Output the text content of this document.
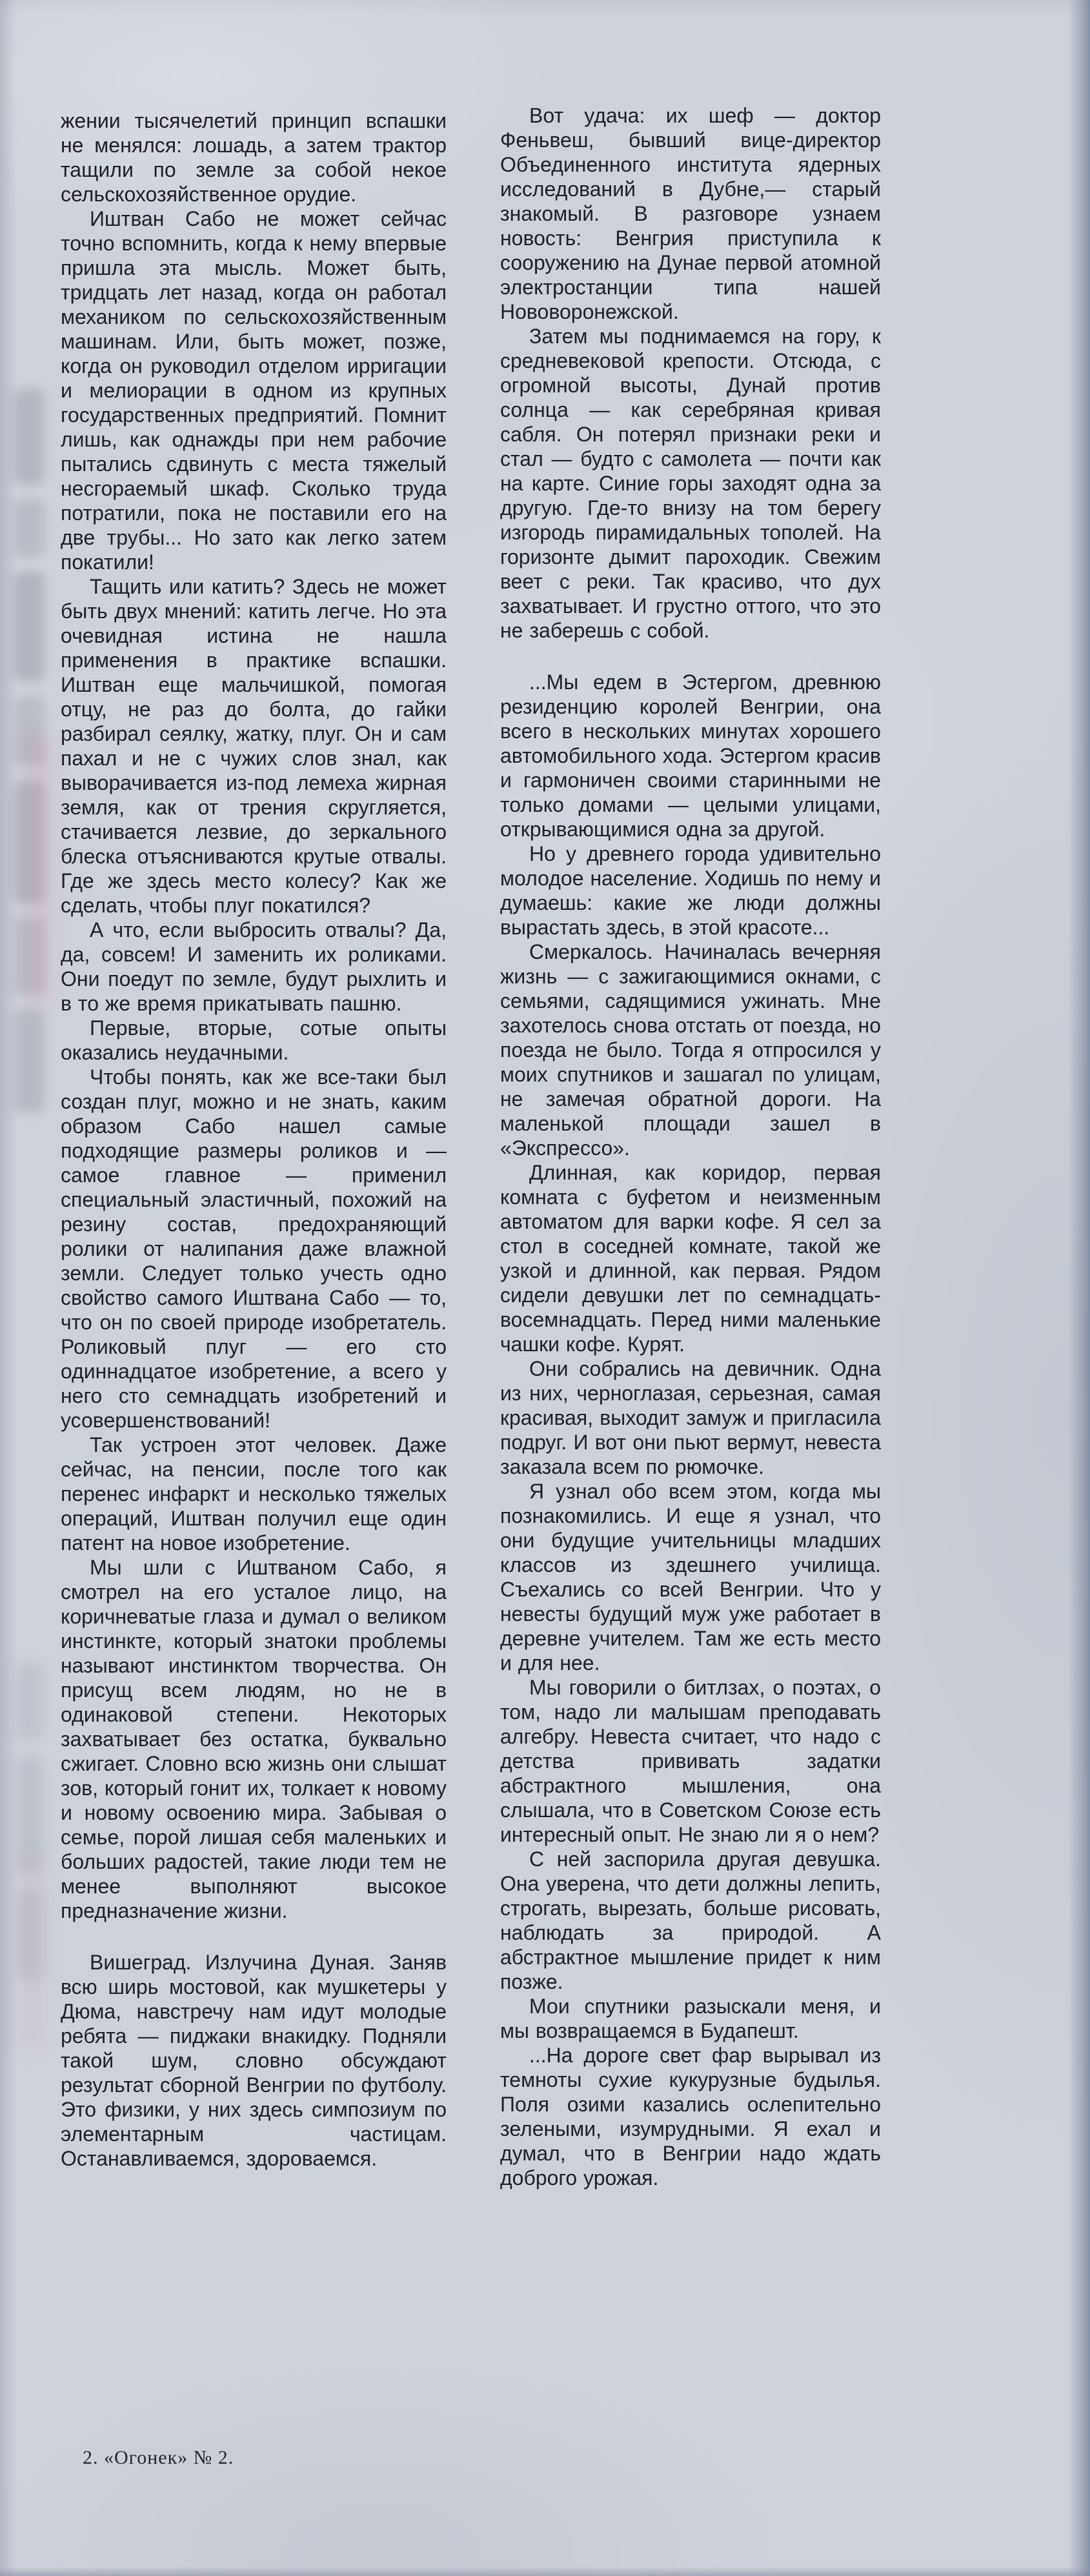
жении тысячелетий принцип вспашки не менялся: лошадь, а затем трактор тащили по земле за собой некое сельскохозяйственное орудие.

Иштван Сабо не может сейчас точно вспомнить, когда к нему впервые пришла эта мысль. Может быть, тридцать лет назад, когда он работал механиком по сельскохозяйственным машинам. Или, быть может, позже, когда он руководил отделом ирригации и мелиорации в одном из крупных государственных предприятий. Помнит лишь, как однажды при нем рабочие пытались сдвинуть с места тяжелый несгораемый шкаф. Сколько труда потратили, пока не поставили его на две трубы... Но зато как легко затем покатили!

Тащить или катить? Здесь не может быть двух мнений: катить легче. Но эта очевидная истина не нашла применения в практике вспашки. Иштван еще мальчишкой, помогая отцу, не раз до болта, до гайки разбирал сеялку, жатку, плуг. Он и сам пахал и не с чужих слов знал, как выворачивается из-под лемеха жирная земля, как от трения скругляется, стачивается лезвие, до зеркального блеска отъясниваются крутые отвалы. Где же здесь место колесу? Как же сделать, чтобы плуг покатился?

А что, если выбросить отвалы? Да, да, совсем! И заменить их роликами. Они поедут по земле, будут рыхлить и в то же время прикатывать пашню.

Первые, вторые, сотые опыты оказались неудачными.

Чтобы понять, как же все-таки был создан плуг, можно и не знать, каким образом Сабо нашел самые подходящие размеры роликов и — самое главное — применил специальный эластичный, похожий на резину состав, предохраняющий ролики от налипания даже влажной земли. Следует только учесть одно свойство самого Иштвана Сабо — то, что он по своей природе изобретатель. Роликовый плуг — его сто одиннадцатое изобретение, а всего у него сто семнадцать изобретений и усовершенствований!

Так устроен этот человек. Даже сейчас, на пенсии, после того как перенес инфаркт и несколько тяжелых операций, Иштван получил еще один патент на новое изобретение.

Мы шли с Иштваном Сабо, я смотрел на его усталое лицо, на коричневатые глаза и думал о великом инстинкте, который знатоки проблемы называют инстинктом творчества. Он присущ всем людям, но не в одинаковой степени. Некоторых захватывает без остатка, буквально сжигает. Словно всю жизнь они слышат зов, который гонит их, толкает к новому и новому освоению мира. Забывая о семье, порой лишая себя маленьких и больших радостей, такие люди тем не менее выполняют высокое предназначение жизни.

Вишеград. Излучина Дуная. Заняв всю ширь мостовой, как мушкетеры у Дюма, навстречу нам идут молодые ребята — пиджаки внакидку. Подняли такой шум, словно обсуждают результат сборной Венгрии по футболу. Это физики, у них здесь симпозиум по элементарным частицам. Останавливаемся, здороваемся.

Вот удача: их шеф — доктор Феньвеш, бывший вице-директор Объединенного института ядерных исследований в Дубне,— старый знакомый. В разговоре узнаем новость: Венгрия приступила к сооружению на Дунае первой атомной электростанции типа нашей Нововоронежской.

Затем мы поднимаемся на гору, к средневековой крепости. Отсюда, с огромной высоты, Дунай против солнца — как серебряная кривая сабля. Он потерял признаки реки и стал — будто с самолета — почти как на карте. Синие горы заходят одна за другую. Где-то внизу на том берегу изгородь пирамидальных тополей. На горизонте дымит пароходик. Свежим веет с реки. Так красиво, что дух захватывает. И грустно оттого, что это не заберешь с собой.

...Мы едем в Эстергом, древнюю резиденцию королей Венгрии, она всего в нескольких минутах хорошего автомобильного хода. Эстергом красив и гармоничен своими старинными не только домами — целыми улицами, открывающимися одна за другой.

Но у древнего города удивительно молодое население. Ходишь по нему и думаешь: какие же люди должны вырастать здесь, в этой красоте...

Смеркалось. Начиналась вечерняя жизнь — с зажигающимися окнами, с семьями, садящимися ужинать. Мне захотелось снова отстать от поезда, но поезда не было. Тогда я отпросился у моих спутников и зашагал по улицам, не замечая обратной дороги. На маленькой площади зашел в «Экспрессо».

Длинная, как коридор, первая комната с буфетом и неизменным автоматом для варки кофе. Я сел за стол в соседней комнате, такой же узкой и длинной, как первая. Рядом сидели девушки лет по семнадцать-восемнадцать. Перед ними маленькие чашки кофе. Курят.

Они собрались на девичник. Одна из них, черноглазая, серьезная, самая красивая, выходит замуж и пригласила подруг. И вот они пьют вермут, невеста заказала всем по рюмочке.

Я узнал обо всем этом, когда мы познакомились. И еще я узнал, что они будущие учительницы младших классов из здешнего училища. Съехались со всей Венгрии. Что у невесты будущий муж уже работает в деревне учителем. Там же есть место и для нее.

Мы говорили о битлзах, о поэтах, о том, надо ли малышам преподавать алгебру. Невеста считает, что надо с детства прививать задатки абстрактного мышления, она слышала, что в Советском Союзе есть интересный опыт. Не знаю ли я о нем?

С ней заспорила другая девушка. Она уверена, что дети должны лепить, строгать, вырезать, больше рисовать, наблюдать за природой. А абстрактное мышление придет к ним позже.

Мои спутники разыскали меня, и мы возвращаемся в Будапешт.

...На дороге свет фар вырывал из темноты сухие кукурузные будылья. Поля озими казались ослепительно зелеными, изумрудными. Я ехал и думал, что в Венгрии надо ждать доброго урожая.

2. «Огонек» № 2.
